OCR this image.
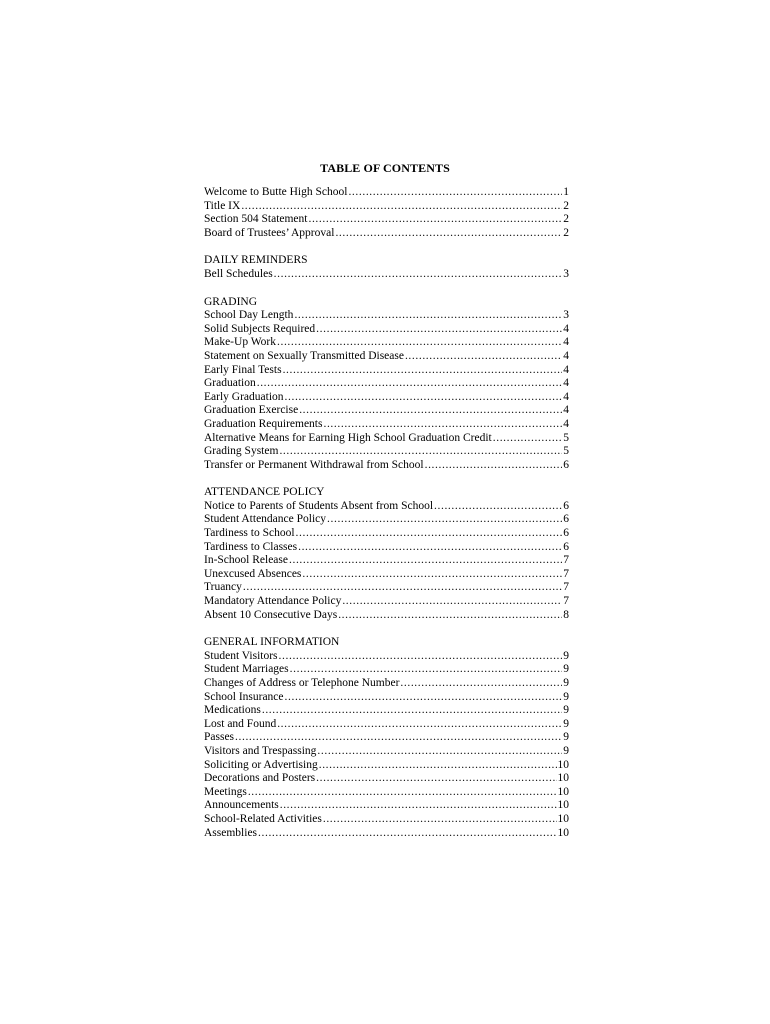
TABLE OF CONTENTS
Welcome to Butte High School .....	1
Title IX .....	2
Section 504 Statement .....	2
Board of Trustees’ Approval .....	2
DAILY REMINDERS
Bell Schedules .....	3
GRADING
School Day Length .....	3
Solid Subjects Required .....	4
Make-Up Work .....	4
Statement on Sexually Transmitted Disease .....	4
Early Final Tests .....	4
Graduation .....	4
Early Graduation .....	4
Graduation Exercise .....	4
Graduation Requirements .....	4
Alternative Means for Earning High School Graduation Credit .....	5
Grading System .....	5
Transfer or Permanent Withdrawal from School .....	6
ATTENDANCE POLICY
Notice to Parents of Students Absent from School .....	6
Student Attendance Policy .....	6
Tardiness to School .....	6
Tardiness to Classes .....	6
In-School Release .....	7
Unexcused Absences .....	7
Truancy .....	7
Mandatory Attendance Policy .....	7
Absent 10 Consecutive Days .....	8
GENERAL INFORMATION
Student Visitors .....	9
Student Marriages .....	9
Changes of Address or Telephone Number .....	9
School Insurance .....	9
Medications .....	9
Lost and Found .....	9
Passes .....	9
Visitors and Trespassing .....	9
Soliciting or Advertising .....	10
Decorations and Posters .....	10
Meetings .....	10
Announcements .....	10
School-Related Activities .....	10
Assemblies .....	10
